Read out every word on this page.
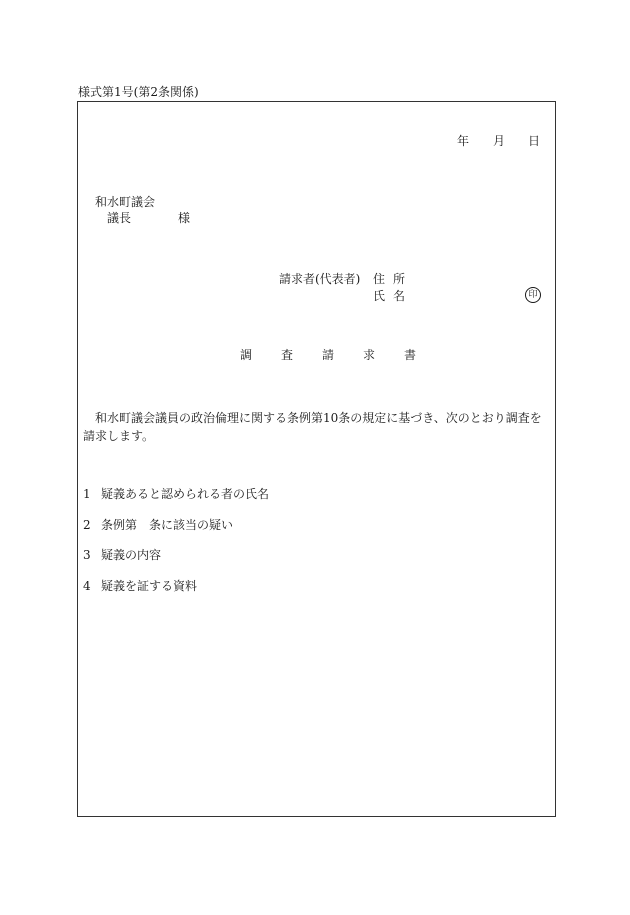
様式第1号(第2条関係)
年 月 日
和水町議会
議長	様
請求者(代表者) 住所
氏名	印
調査請求書
和水町議会議員の政治倫理に関する条例第10条の規定に基づき、次のとおり調査を請求します。
1 疑義あると認められる者の氏名
2 条例第　条に該当の疑い
3 疑義の内容
4 疑義を証する資料
